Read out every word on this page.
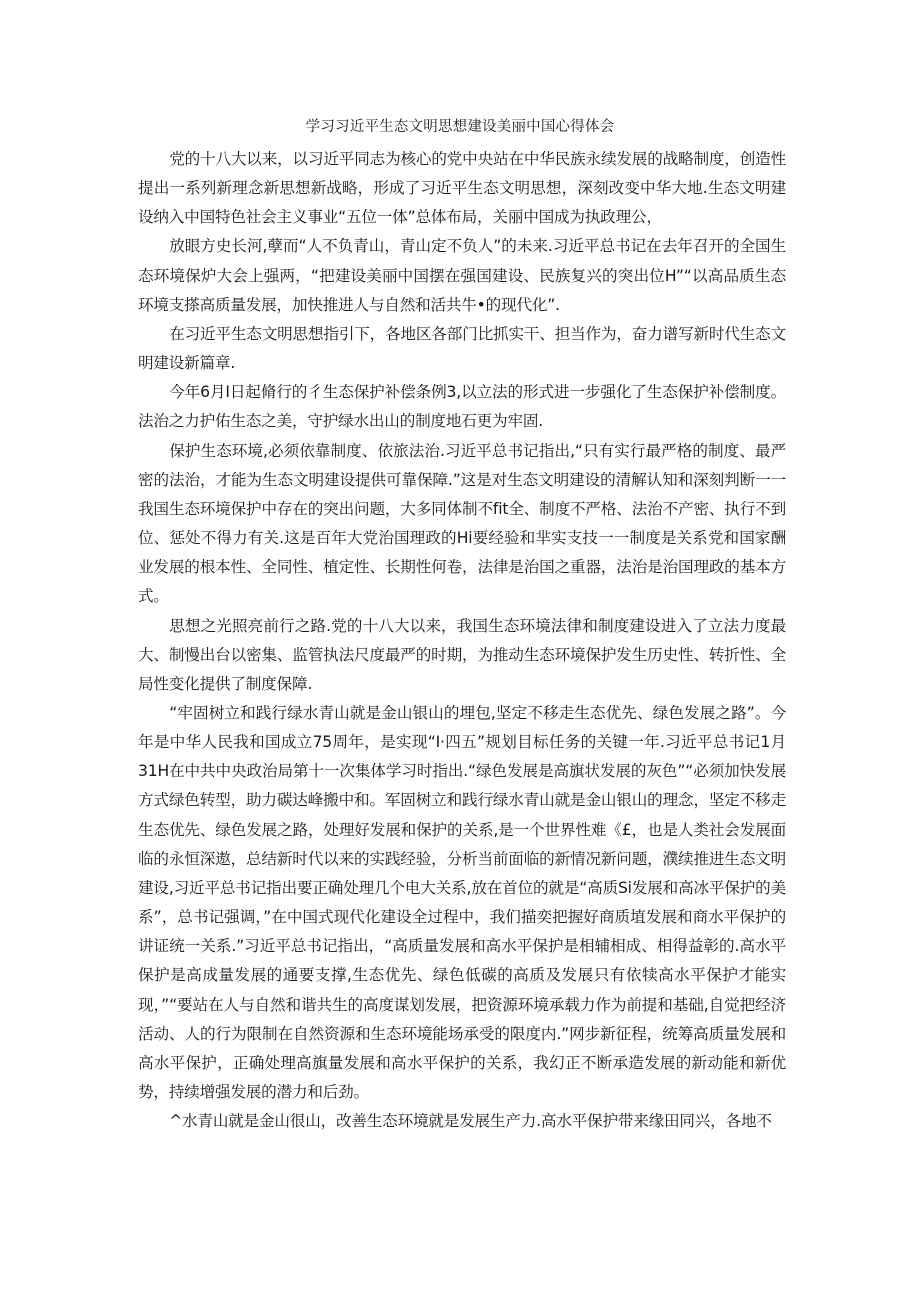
学习习近平生态文明思想建设美丽中国心得体会

党的十八大以来，以习近平同志为核心的党中央站在中华民族永续发展的战略制度，创造性提出一系列新理念新思想新战略，形成了习近平生态文明思想，深刻改变中华大地.生态文明建设纳入中国特色社会主义事业“五位一体”总体布局，关丽中国成为执政理公，

放眼方史长河,孽而“人不负青山，青山定不负人”的未来.习近平总书记在去年召开的全国生态环境保炉大会上强两，“把建设美丽中国摆在强国建设、民族复兴的突出位H”“以高品质生态环境支搽高质量发展，加快推进人与自然和活共牛•的现代化”.

在习近平生态文明思想指引下，各地区各部门比抓实干、担当作为，奋力谱写新时代生态文明建设新篇章.

今年6月I日起脩行的彳生态保护补偿条例3,以立法的形式进一步强化了生态保护补偿制度。法治之力护佑生态之美，守护绿水出山的制度地石更为牢固.

保护生态环境,必须依靠制度、依旅法治.习近平总书记指出,“只有实行最严格的制度、最严密的法治，才能为生态文明建设提供可靠保障.”这是对生态文明建设的清解认知和深刻判断一一我国生态环境保护中存在的突出问题，大多同体制不fit全、制度不严格、法治不产密、执行不到位、惩处不得力有关.这是百年大党治国理政的Hi要经验和芈实支技一一制度是关系党和国家酬业发展的根本性、全同性、植定性、长期性何卷，法律是治国之重器，法治是治国理政的基本方式。

思想之光照亮前行之路.党的十八大以来，我国生态环境法律和制度建设进入了立法力度最大、制慢出台以密集、监管执法尺度最严的时期，为推动生态环境保护发生历史性、转折性、全局性变化提供了制度保障.

“牢固树立和践行绿水青山就是金山银山的埋包,坚定不移走生态优先、绿色发展之路”。今年是中华人民我和国成立75周年，是实现“I·四五”规划目标任务的关键一年.习近平总书记1月31H在中共中央政治局第十一次集体学习时指出.“绿色发展是高旗状发展的灰色”“必须加快发展方式绿色转型，助力碳达峰搬中和。军固树立和践行绿水青山就是金山银山的理念，坚定不移走生态优先、绿色发展之路，处理好发展和保护的关系,是一个世界性难《£，也是人类社会发展面临的永恒深遨，总结新时代以来的实践经验，分析当前面临的新情况新问题，濮续推进生态文明建设,习近平总书记指出要正确处理几个电大关系,放在首位的就是“高质Si发展和高冰平保护的美系”，总书记强调，”在中国式现代化建设全过程中，我们描奕把握好商质埴发展和商水平保护的讲证统一关系.”习近平总书记指出，“高质量发展和高水平保护是相辅相成、相得益彰的.高水平保护是高成量发展的通要支撑,生态优先、绿色低碳的高质及发展只有依犊高水平保护才能实现，”“要站在人与自然和谐共生的高度谋划发展，把资源环境承载力作为前提和基础,自觉把经济活动、人的行为限制在自然资源和生态环境能场承受的限度内.”网步新征程，统筹高质量发展和高水平保护，正确处理高旗量发展和高水平保护的关系，我幻正不断承造发展的新动能和新优势，持续增强发展的潜力和后劲。

^水青山就是金山很山，改善生态环境就是发展生产力.高水平保护带来缘田同兴，各地不
